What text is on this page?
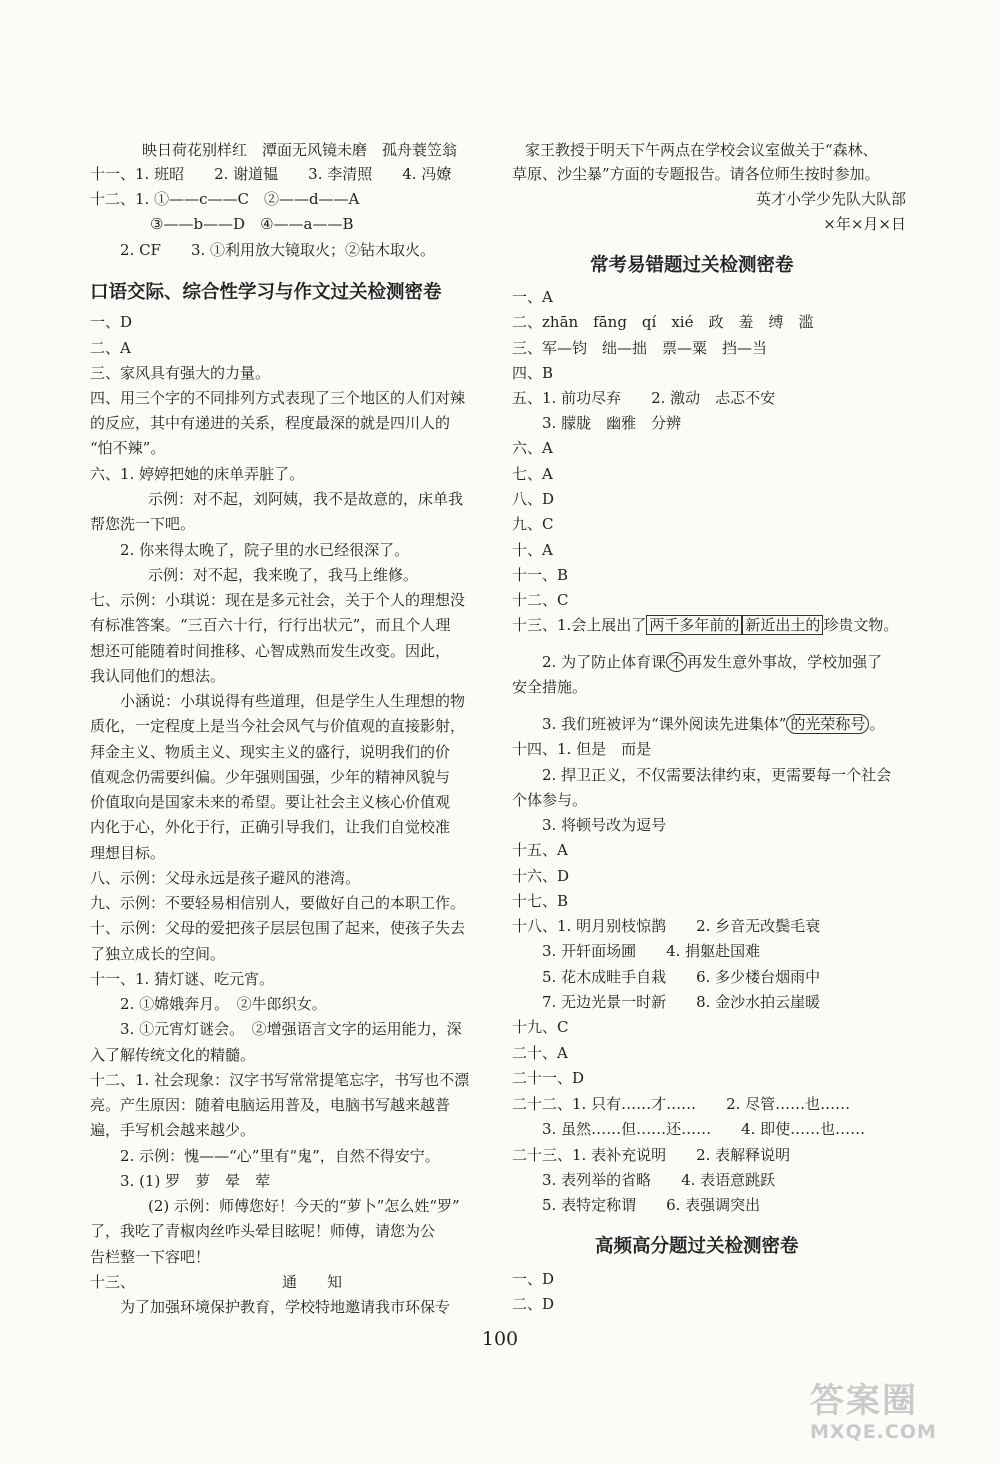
映日荷花别样红　潭面无风镜未磨　孤舟蓑笠翁
十一、1. 班昭　　2. 谢道韫　　3. 李清照　　4. 冯嫽
十二、1. ①——c——C　②——d——A
③——b——D　④——a——B
2. CF　　3. ①利用放大镜取火；②钻木取火。
口语交际、综合性学习与作文过关检测密卷
一、D
二、A
三、家风具有强大的力量。
四、用三个字的不同排列方式表现了三个地区的人们对辣
的反应，其中有递进的关系，程度最深的就是四川人的
“怕不辣”。
六、1. 婷婷把她的床单弄脏了。
示例：对不起，刘阿姨，我不是故意的，床单我
帮您洗一下吧。
2. 你来得太晚了，院子里的水已经很深了。
示例：对不起，我来晚了，我马上维修。
七、示例：小琪说：现在是多元社会，关于个人的理想没
有标准答案。“三百六十行，行行出状元”，而且个人理
想还可能随着时间推移、心智成熟而发生改变。因此，
我认同他们的想法。
小涵说：小琪说得有些道理，但是学生人生理想的物
质化，一定程度上是当今社会风气与价值观的直接影射，
拜金主义、物质主义、现实主义的盛行，说明我们的价
值观念仍需要纠偏。少年强则国强，少年的精神风貌与
价值取向是国家未来的希望。要让社会主义核心价值观
内化于心，外化于行，正确引导我们，让我们自觉校准
理想目标。
八、示例：父母永远是孩子避风的港湾。
九、示例：不要轻易相信别人，要做好自己的本职工作。
十、示例：父母的爱把孩子层层包围了起来，使孩子失去
了独立成长的空间。
十一、1. 猜灯谜、吃元宵。
2. ①嫦娥奔月。　②牛郎织女。
3. ①元宵灯谜会。　②增强语言文字的运用能力，深
入了解传统文化的精髓。
十二、1. 社会现象：汉字书写常常提笔忘字，书写也不漂
亮。产生原因：随着电脑运用普及，电脑书写越来越普
遍，手写机会越来越少。
2. 示例：愧——“心”里有“鬼”，自然不得安宁。
3. (1) 罗　萝　晕　荤
(2) 示例：师傅您好！今天的“萝卜”怎么姓“罗”
了，我吃了青椒肉丝咋头晕目眩呢！师傅，请您为公
告栏整一下容吧！
十三、	通　　知
为了加强环境保护教育，学校特地邀请我市环保专
家王教授于明天下午两点在学校会议室做关于“森林、
草原、沙尘暴”方面的专题报告。请各位师生按时参加。
英才小学少先队大队部
×年×月×日
常考易错题过关检测密卷
一、A
二、zhān　fāng　qí　xié　政　羞　缚　滥
三、军—钧　绌—拙　票—粟　挡—当
四、B
五、1. 前功尽弃　　2. 激动　忐忑不安
3. 朦胧　幽雅　分辨
六、A
七、A
八、D
九、C
十、A
十一、B
十二、C
十三、1.会上展出了 两千多年前的 新近出土的 珍贵文物。
2. 为了防止体育课 不 再发生意外事故，学校加强了
安全措施。
3. 我们班被评为“课外阅读先进集体” 的光荣称号 。
十四、1. 但是　而是
2. 捍卫正义，不仅需要法律约束，更需要每一个社会
个体参与。
3. 将顿号改为逗号
十五、A
十六、D
十七、B
十八、1. 明月别枝惊鹊　　2. 乡音无改鬓毛衰
3. 开轩面场圃　　4. 捐躯赴国难
5. 花木成畦手自栽　　6. 多少楼台烟雨中
7. 无边光景一时新　　8. 金沙水拍云崖暖
十九、C
二十、A
二十一、D
二十二、1. 只有……才……　　2. 尽管……也……
3. 虽然……但……还……　　4. 即使……也……
二十三、1. 表补充说明　　2. 表解释说明
3. 表列举的省略　　4. 表语意跳跃
5. 表特定称谓　　6. 表强调突出
高频高分题过关检测密卷
一、D
二、D
100
答案圈
MXQE.COM
